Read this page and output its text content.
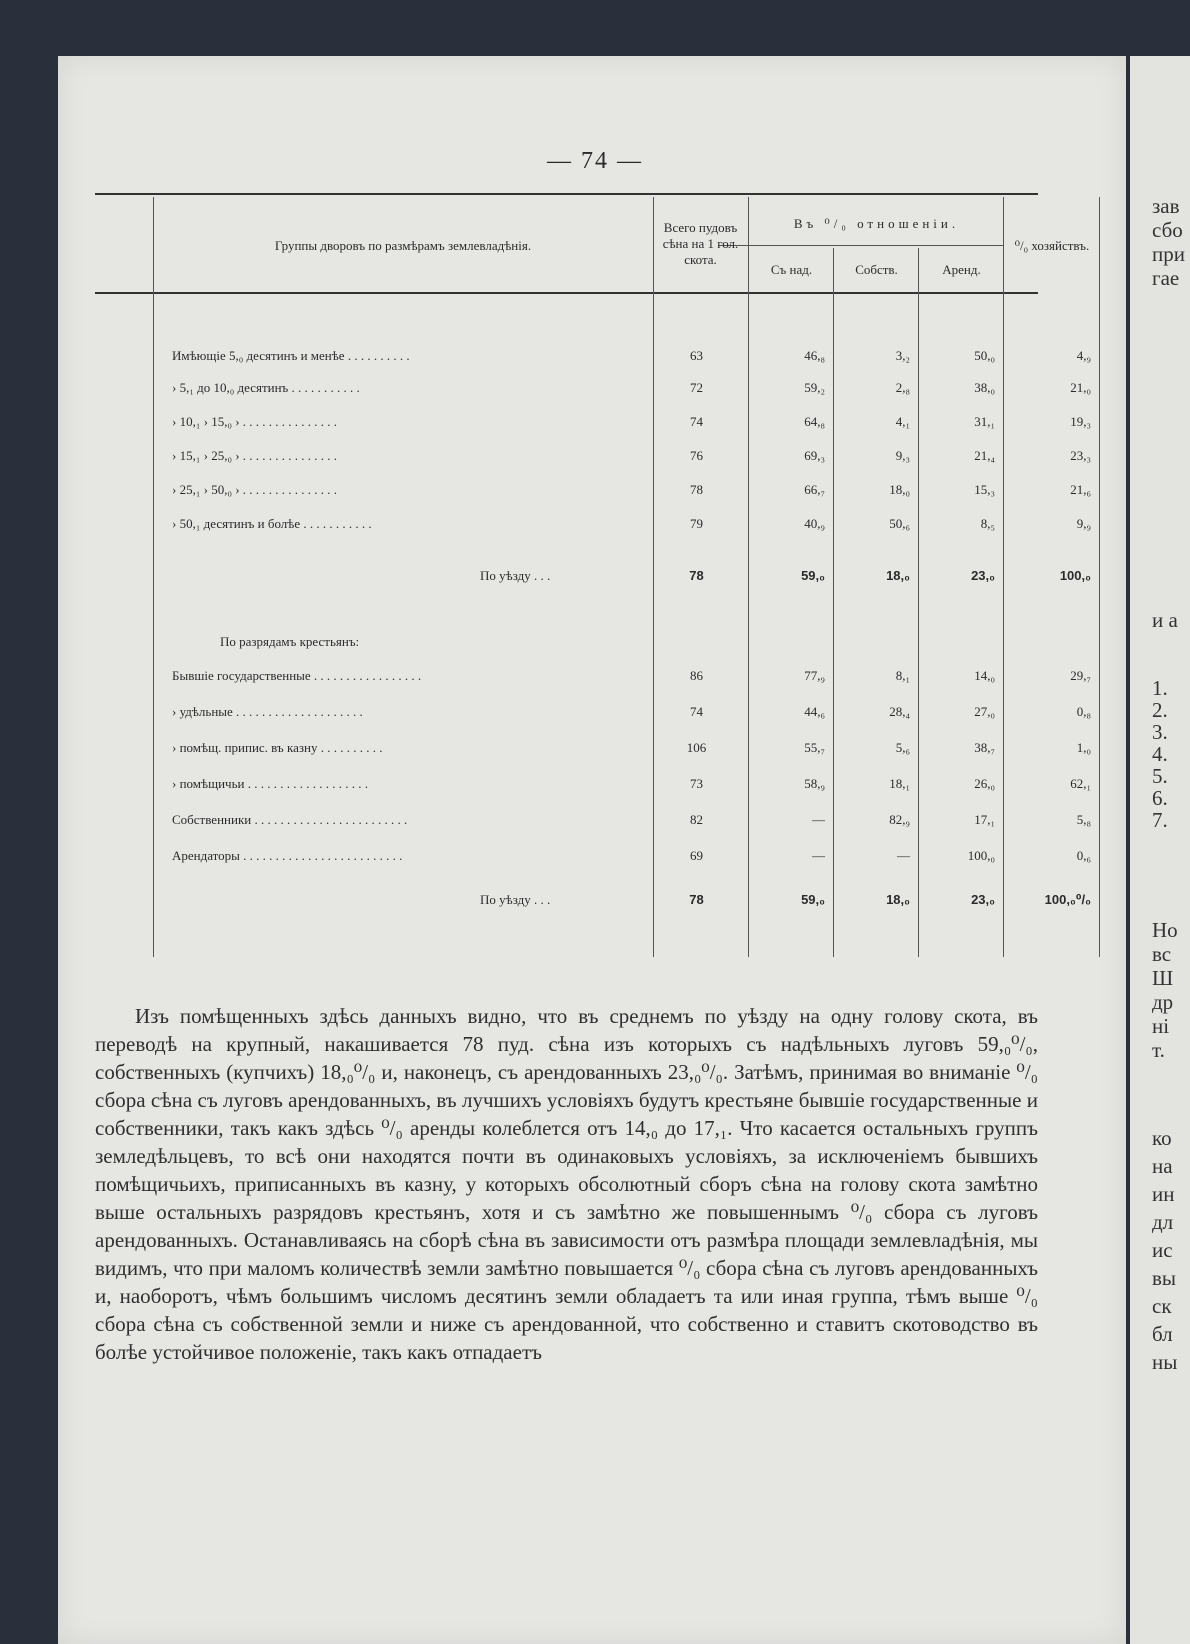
зав
сбо
при
гае
и а
1.
2.
3.
4.
5.
6.
7.
Но
вс
Ш
др
ні
т.
ко
на
ин
дл
ис
вы
ск
бл
ны
— 74 —
Группы дворовъ по размѣрамъ землевладѣнія.
Всего пудовъ сѣна на 1 гол. скота.
Въ ⁰/₀ отношеніи.
Съ над.	Собств.	Аренд.
⁰/₀ хозяйствъ.
Имѣющіе 5,₀ десятинъ и менѣе . . . . . . . . . .	63	46,₈	3,₂	50,₀	4,₉
› 5,₁ до 10,₀ десятинъ . . . . . . . . . . .	72	59,₂	2,₈	38,₀	21,₀
› 10,₁ › 15,₀ › . . . . . . . . . . . . . . .	74	64,₈	4,₁	31,₁	19,₃
› 15,₁ › 25,₀ › . . . . . . . . . . . . . . .	76	69,₃	9,₃	21,₄	23,₃
› 25,₁ › 50,₀ › . . . . . . . . . . . . . . .	78	66,₇	18,₀	15,₃	21,₆
› 50,₁ десятинъ и болѣе . . . . . . . . . . .	79	40,₉	50,₆	8,₅	9,₉
По уѣзду . . .	78	59,₀	18,₀	23,₀	100,₀
По разрядамъ крестьянъ:
Бывшіе государственные . . . . . . . . . . . . . . . . .	86	77,₉	8,₁	14,₀	29,₇
› удѣльные . . . . . . . . . . . . . . . . . . . .	74	44,₆	28,₄	27,₀	0,₈
› помѣщ. припис. въ казну . . . . . . . . . .	106	55,₇	5,₆	38,₇	1,₀
› помѣщичьи . . . . . . . . . . . . . . . . . . .	73	58,₉	18,₁	26,₀	62,₁
Собственники . . . . . . . . . . . . . . . . . . . . . . . .	82	—	82,₉	17,₁	5,₈
Арендаторы . . . . . . . . . . . . . . . . . . . . . . . . .	69	—	—	100,₀	0,₆
По уѣзду . . .	78	59,₀	18,₀	23,₀	100,₀⁰/₀

Изъ помѣщенныхъ здѣсь данныхъ видно, что въ среднемъ по уѣзду на одну голову скота, въ переводѣ на крупный, накашивается 78 пуд. сѣна изъ которыхъ съ надѣльныхъ луговъ 59,₀⁰/₀, собственныхъ (купчихъ) 18,₀⁰/₀ и, наконецъ, съ арендованныхъ 23,₀⁰/₀. Затѣмъ, принимая во вниманіе ⁰/₀ сбора сѣна съ луговъ арендованныхъ, въ лучшихъ условіяхъ будутъ крестьяне бывшіе государственные и собственники, такъ какъ здѣсь ⁰/₀ аренды колеблется отъ 14,₀ до 17,₁. Что касается остальныхъ группъ земледѣльцевъ, то всѣ они находятся почти въ одинаковыхъ условіяхъ, за исключеніемъ бывшихъ помѣщичьихъ, приписанныхъ въ казну, у которыхъ обсолютный сборъ сѣна на голову скота замѣтно выше остальныхъ разрядовъ крестьянъ, хотя и съ замѣтно же повышеннымъ ⁰/₀ сбора съ луговъ арендованныхъ. Останавливаясь на сборѣ сѣна въ зависимости отъ размѣра площади землевладѣнія, мы видимъ, что при маломъ количествѣ земли замѣтно повышается ⁰/₀ сбора сѣна съ луговъ арендованныхъ и, наоборотъ, чѣмъ большимъ числомъ десятинъ земли обладаетъ та или иная группа, тѣмъ выше ⁰/₀ сбора сѣна съ собственной земли и ниже съ арендованной, что собственно и ставитъ скотоводство въ болѣе устойчивое положеніе, такъ какъ отпадаетъ
